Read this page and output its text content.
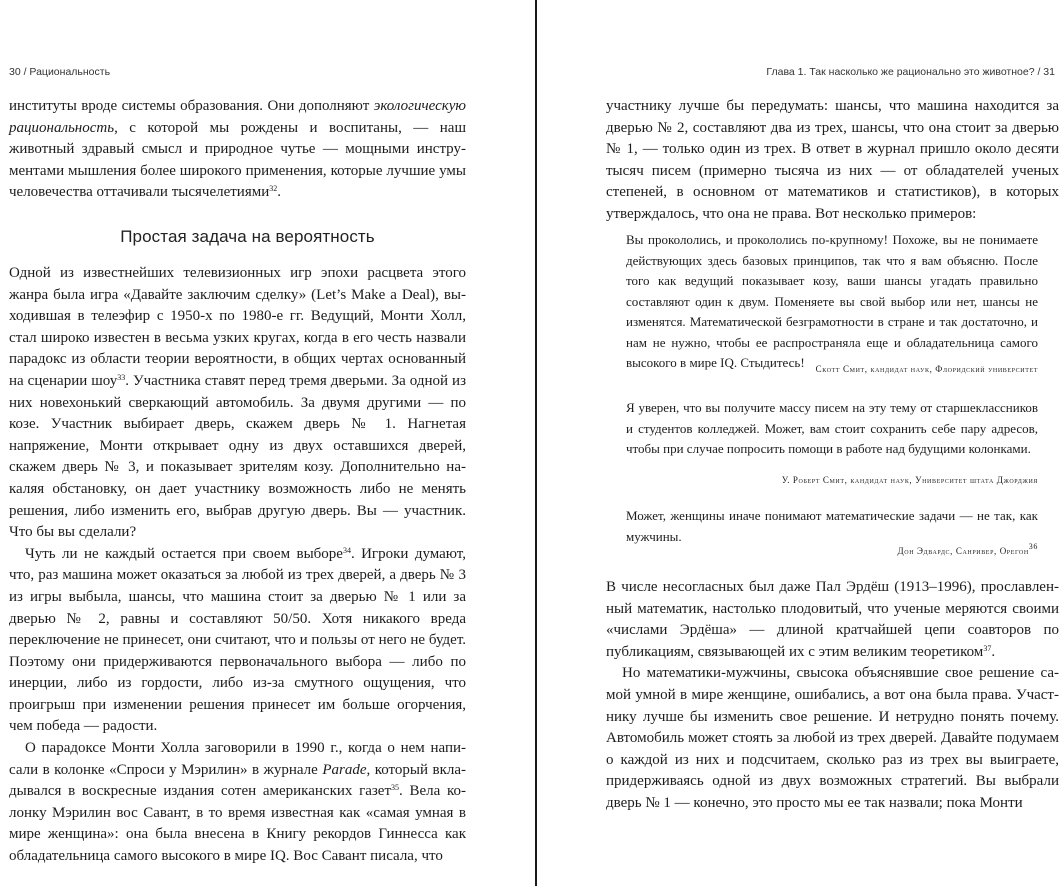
30 / Рациональность

институты вроде системы образования. Они дополняют экологическую рациональность, с которой мы рождены и воспитаны, — наш животный здравый смысл и природное чутье — мощными инструментами мышления более широкого применения, которые лучшие умы человечества оттачивали тысячелетиями$^{32}$.

Простая задача на вероятность

Одной из известнейших телевизионных игр эпохи расцвета этого жанра была игра «Давайте заключим сделку» (Let’s Make a Deal), выходившая в телеэфир с 1950-х по 1980-е гг. Ведущий, Монти Холл, стал широко известен в весьма узких кругах, когда в его честь назвали парадокс из области теории вероятности, в общих чертах основанный на сценарии шоу$^{33}$. Участника ставят перед тремя дверьми. За одной из них новехонький сверкающий автомобиль. За двумя другими — по козе. Участник выбирает дверь, скажем дверь № 1. Нагнетая напряжение, Монти открывает одну из двух оставшихся дверей, скажем дверь № 3, и показывает зрителям козу. Дополнительно накаляя обстановку, он дает участнику возможность либо не менять решения, либо изменить его, выбрав другую дверь. Вы — участник. Что бы вы сделали?

Чуть ли не каждый остается при своем выборе$^{34}$. Игроки думают, что, раз машина может оказаться за любой из трех дверей, а дверь № 3 из игры выбыла, шансы, что машина стоит за дверью № 1 или за дверью № 2, равны и составляют 50/50. Хотя никакого вреда переключение не принесет, они считают, что и пользы от него не будет. Поэтому они придерживаются первоначального выбора — либо по инерции, либо из гордости, либо из-за смутного ощущения, что проигрыш при изменении решения принесет им больше огорчения, чем победа — радости.

О парадоксе Монти Холла заговорили в 1990 г., когда о нем написали в колонке «Спроси у Мэрилин» в журнале Parade, который вкладывался в воскресные издания сотен американских газет$^{35}$. Вела колонку Мэрилин вос Савант, в то время известная как «самая умная в мире женщина»: она была внесена в Книгу рекордов Гиннесса как обладательница самого высокого в мире IQ. Вос Савант писала, что

Глава 1. Так насколько же рационально это животное? / 31

участнику лучше бы передумать: шансы, что машина находится за дверью № 2, составляют два из трех, шансы, что она стоит за дверью № 1, — только один из трех. В ответ в журнал пришло около десяти тысяч писем (примерно тысяча из них — от обладателей ученых степеней, в основном от математиков и статистиков), в которых утверждалось, что она не права. Вот несколько примеров:

Вы прокололись, и прокололись по-крупному! Похоже, вы не понимаете действующих здесь базовых принципов, так что я вам объясню. После того как ведущий показывает козу, ваши шансы угадать правильно составляют один к двум. Поменяете вы свой выбор или нет, шансы не изменятся. Математической безграмотности в стране и так достаточно, и нам не нужно, чтобы ее распространяла еще и обладательница самого высокого в мире IQ. Стыдитесь!	Скотт Смит, кандидат наук, Флоридский университет
Я уверен, что вы получите массу писем на эту тему от старшеклассников и студентов колледжей. Может, вам стоит сохранить себе пару адресов, чтобы при случае попросить помощи в работе над будущими колонками.
У. Роберт Смит, кандидат наук, Университет штата Джорджия
Может, женщины иначе понимают математические задачи — не так, как мужчины.
Дон Эдвардс, Санривер, Орегон$^{36}$

В числе несогласных был даже Пал Эрдёш (1913–1996), прославленный математик, настолько плодовитый, что ученые меряются своими «числами Эрдёша» — длиной кратчайшей цепи соавторов по публикациям, связывающей их с этим великим теоретиком$^{37}$.

Но математики-мужчины, свысока объяснявшие свое решение самой умной в мире женщине, ошибались, а вот она была права. Участнику лучше бы изменить свое решение. И нетрудно понять почему. Автомобиль может стоять за любой из трех дверей. Давайте подумаем о каждой из них и подсчитаем, сколько раз из трех вы выиграете, придерживаясь одной из двух возможных стратегий. Вы выбрали дверь № 1 — конечно, это просто мы ее так назвали; пока Монти
